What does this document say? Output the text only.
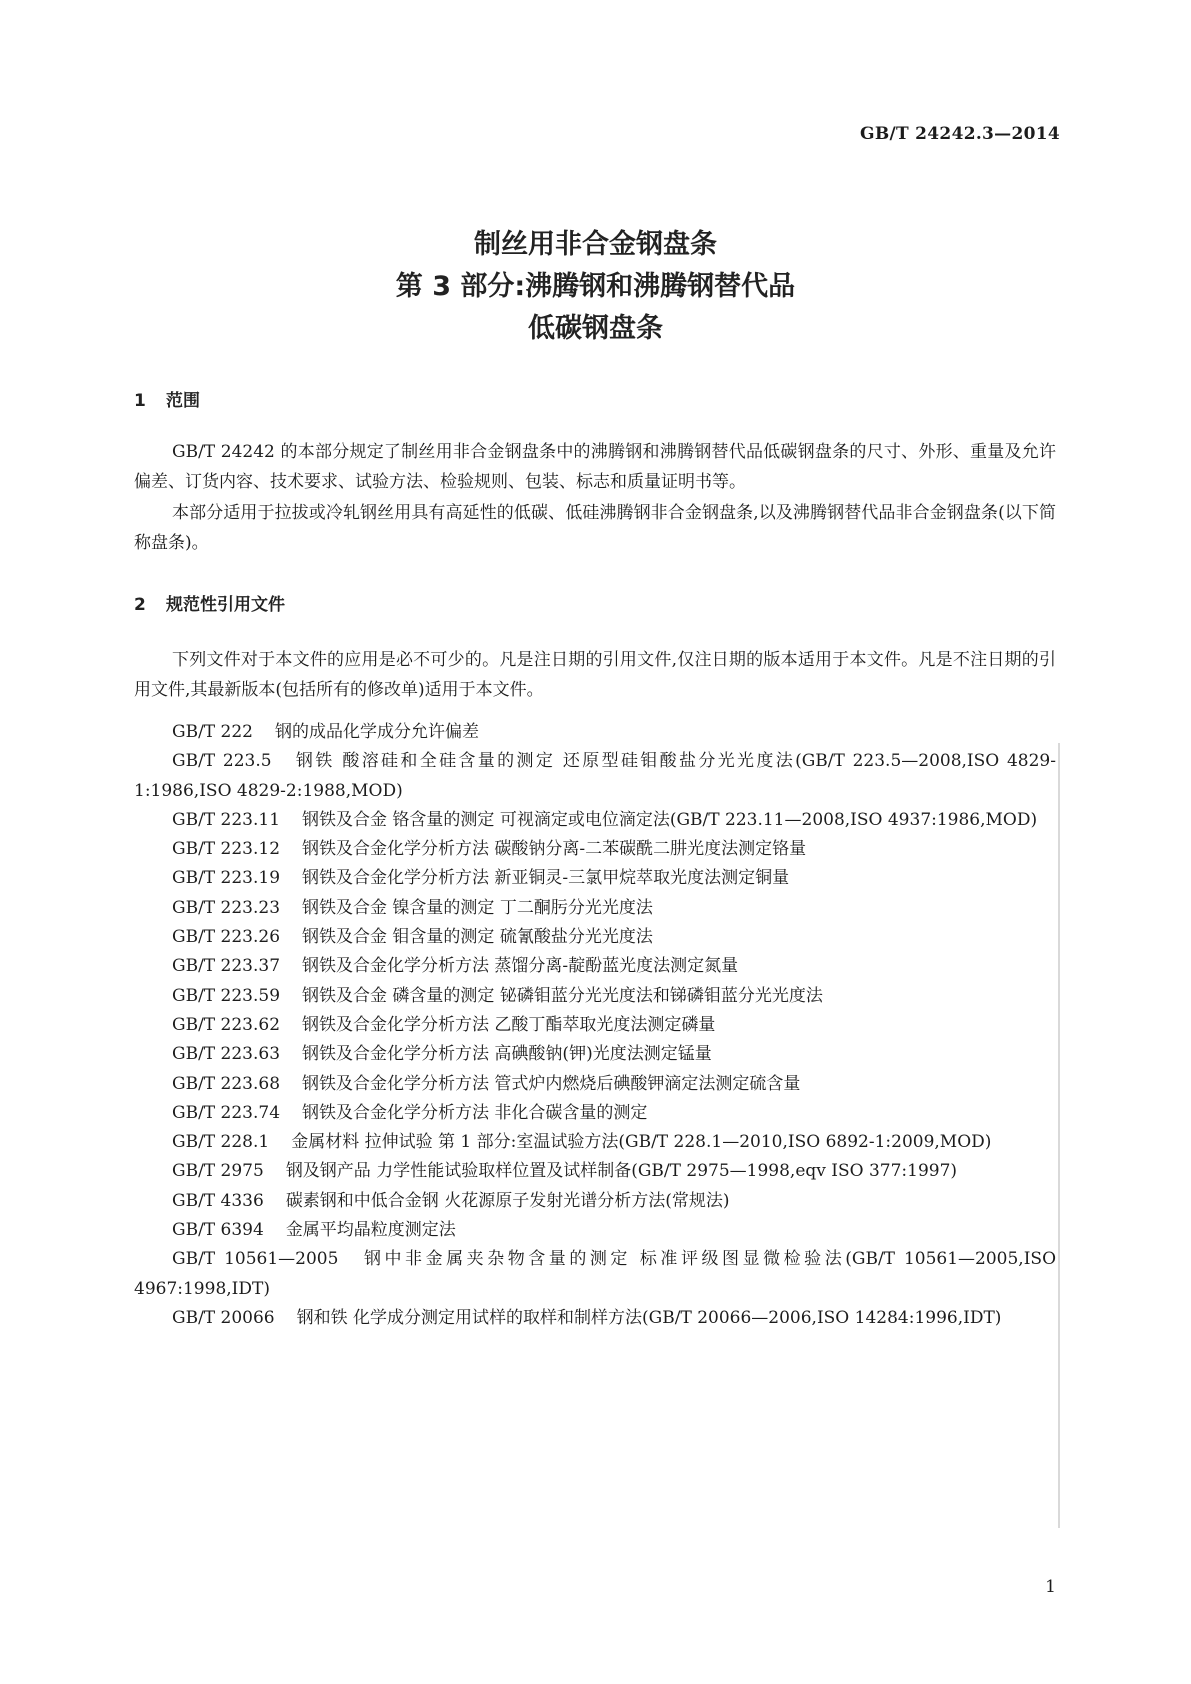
GB/T 24242.3—2014
制丝用非合金钢盘条
第 3 部分:沸腾钢和沸腾钢替代品
低碳钢盘条
1 范围

GB/T 24242 的本部分规定了制丝用非合金钢盘条中的沸腾钢和沸腾钢替代品低碳钢盘条的尺寸、外形、重量及允许偏差、订货内容、技术要求、试验方法、检验规则、包装、标志和质量证明书等。

本部分适用于拉拔或冷轧钢丝用具有高延性的低碳、低硅沸腾钢非合金钢盘条,以及沸腾钢替代品非合金钢盘条(以下简称盘条)。

2 规范性引用文件

下列文件对于本文件的应用是必不可少的。凡是注日期的引用文件,仅注日期的版本适用于本文件。凡是不注日期的引用文件,其最新版本(包括所有的修改单)适用于本文件。

GB/T 222 钢的成品化学成分允许偏差

GB/T 223.5 钢铁 酸溶硅和全硅含量的测定 还原型硅钼酸盐分光光度法(GB/T 223.5—2008,ISO 4829-1:1986,ISO 4829-2:1988,MOD)

GB/T 223.11 钢铁及合金 铬含量的测定 可视滴定或电位滴定法(GB/T 223.11—2008,ISO 4937:1986,MOD)

GB/T 223.12 钢铁及合金化学分析方法 碳酸钠分离-二苯碳酰二肼光度法测定铬量

GB/T 223.19 钢铁及合金化学分析方法 新亚铜灵-三氯甲烷萃取光度法测定铜量

GB/T 223.23 钢铁及合金 镍含量的测定 丁二酮肟分光光度法

GB/T 223.26 钢铁及合金 钼含量的测定 硫氰酸盐分光光度法

GB/T 223.37 钢铁及合金化学分析方法 蒸馏分离-靛酚蓝光度法测定氮量

GB/T 223.59 钢铁及合金 磷含量的测定 铋磷钼蓝分光光度法和锑磷钼蓝分光光度法

GB/T 223.62 钢铁及合金化学分析方法 乙酸丁酯萃取光度法测定磷量

GB/T 223.63 钢铁及合金化学分析方法 高碘酸钠(钾)光度法测定锰量

GB/T 223.68 钢铁及合金化学分析方法 管式炉内燃烧后碘酸钾滴定法测定硫含量

GB/T 223.74 钢铁及合金化学分析方法 非化合碳含量的测定

GB/T 228.1 金属材料 拉伸试验 第 1 部分:室温试验方法(GB/T 228.1—2010,ISO 6892-1:2009,MOD)

GB/T 2975 钢及钢产品 力学性能试验取样位置及试样制备(GB/T 2975—1998,eqv ISO 377:1997)

GB/T 4336 碳素钢和中低合金钢 火花源原子发射光谱分析方法(常规法)

GB/T 6394 金属平均晶粒度测定法

GB/T 10561—2005 钢中非金属夹杂物含量的测定 标准评级图显微检验法(GB/T 10561—2005,ISO 4967:1998,IDT)

GB/T 20066 钢和铁 化学成分测定用试样的取样和制样方法(GB/T 20066—2006,ISO 14284:1996,IDT)

1
